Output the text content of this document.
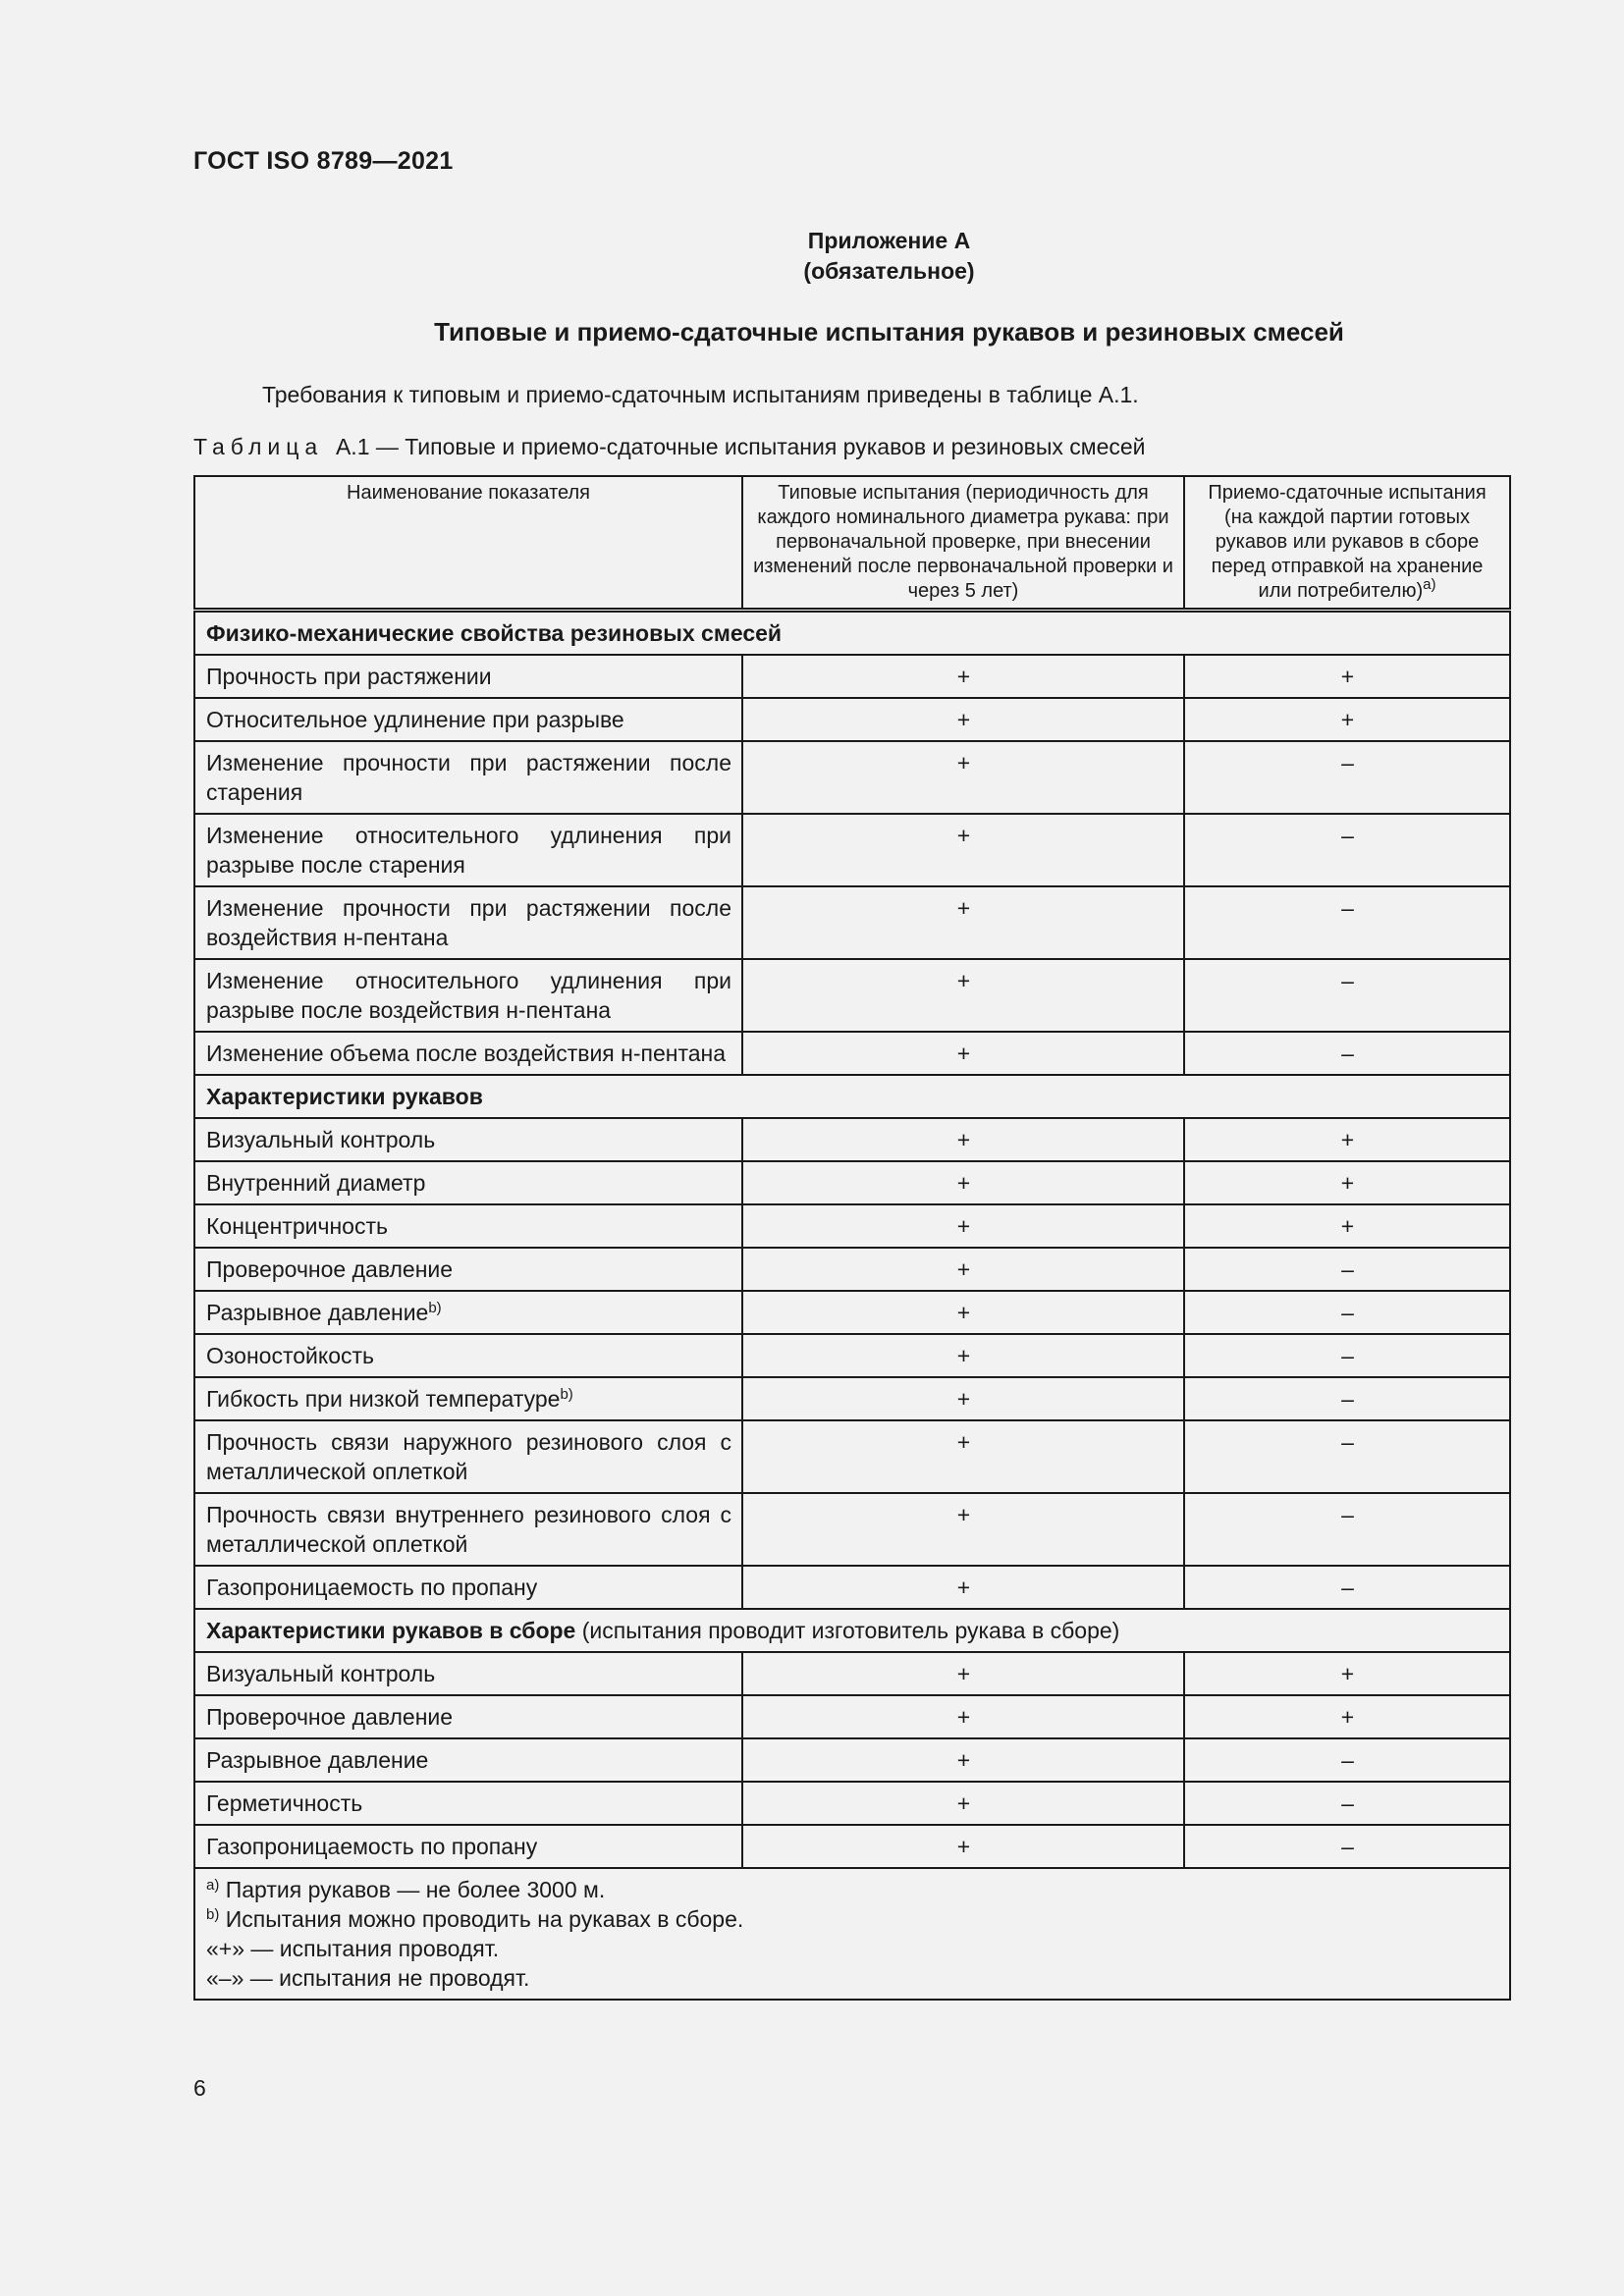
ГОСТ ISO 8789—2021
Приложение А
(обязательное)
Типовые и приемо-сдаточные испытания рукавов и резиновых смесей
Требования к типовым и приемо-сдаточным испытаниям приведены в таблице А.1.
Таблица А.1 — Типовые и приемо-сдаточные испытания рукавов и резиновых смесей
Наименование показателя	Типовые испытания (периодичность для каждого номинального диаметра рукава: при первоначальной проверке, при внесении изменений после первоначальной проверки и через 5 лет)	Приемо-сдаточные испытания (на каждой партии готовых рукавов или рукавов в сборе перед отправкой на хранение или потребителю)$^{а)}$
Физико-механические свойства резиновых смесей		
Прочность при растяжении	+	+
Относительное удлинение при разрыве	+	+
Изменение прочности при растяжении после старения	+	–
Изменение относительного удлинения при разрыве после старения	+	–
Изменение прочности при растяжении после воздействия н-пентана	+	–
Изменение относительного удлинения при разрыве после воздействия н-пентана	+	–
Изменение объема после воздействия н-пентана	+	–
Характеристики рукавов		
Визуальный контроль	+	+
Внутренний диаметр	+	+
Концентричность	+	+
Проверочное давление	+	–
Разрывное давление$^{b)}$	+	–
Озоностойкость	+	–
Гибкость при низкой температуре$^{b)}$	+	–
Прочность связи наружного резинового слоя с металлической оплеткой	+	–
Прочность связи внутреннего резинового слоя с металлической оплеткой	+	–
Газопроницаемость по пропану	+	–
Характеристики рукавов в сборе (испытания проводит изготовитель рукава в сборе)		
Визуальный контроль	+	+
Проверочное давление	+	+
Разрывное давление	+	–
Герметичность	+	–
Газопроницаемость по пропану	+	–

$^{а)}$ Партия рукавов — не более 3000 м.
$^{b)}$ Испытания можно проводить на рукавах в сборе.
«+» — испытания проводят.
«–» — испытания не проводят.		
6
